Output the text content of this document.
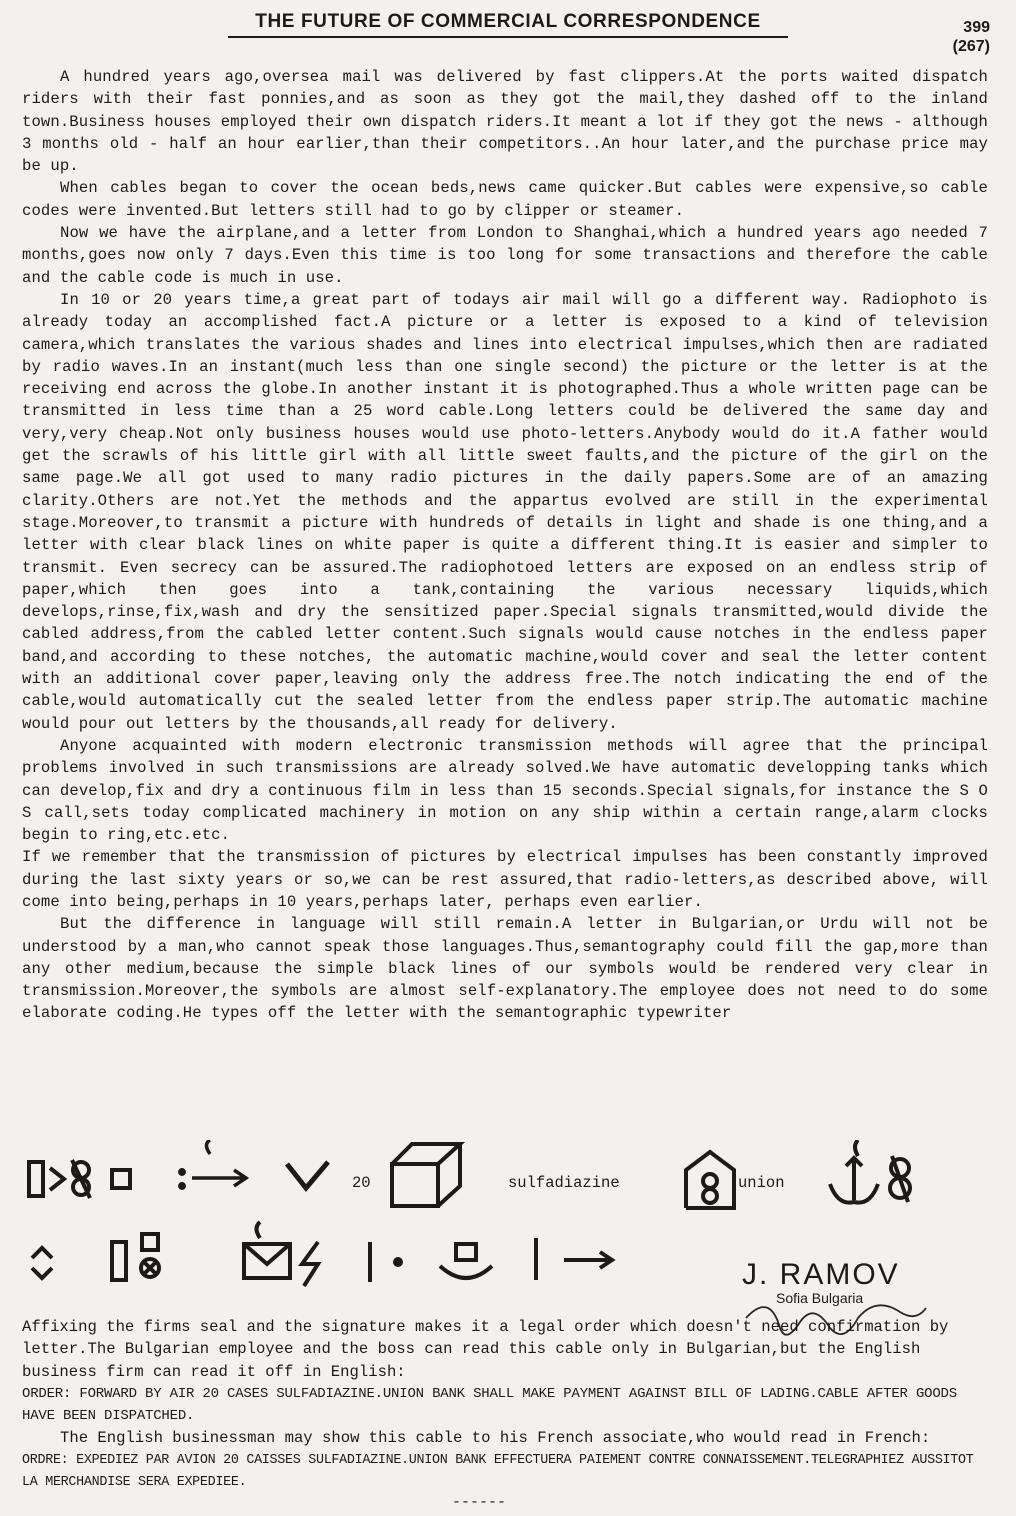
THE FUTURE OF COMMERCIAL CORRESPONDENCE	399
(267)

A hundred years ago,oversea mail was delivered by fast clippers.At the ports waited dispatch riders with their fast ponnies,and as soon as they got the mail,they dashed off to the inland town.Business houses employed their own dispatch riders.It meant a lot if they got the news - although 3 months old - half an hour earlier,than their competitors..An hour later,and the purchase price may be up.

When cables began to cover the ocean beds,news came quicker.But cables were expensive,so cable codes were invented.But letters still had to go by clipper or steamer.

Now we have the airplane,and a letter from London to Shanghai,which a hundred years ago needed 7 months,goes now only 7 days.Even this time is too long for some transactions and therefore the cable and the cable code is much in use.

In 10 or 20 years time,a great part of todays air mail will go a different way. Radiophoto is already today an accomplished fact.A picture or a letter is exposed to a kind of television camera,which translates the various shades and lines into electrical impulses,which then are radiated by radio waves.In an instant(much less than one single second) the picture or the letter is at the receiving end across the globe.In another instant it is photographed.Thus a whole written page can be transmitted in less time than a 25 word cable.Long letters could be delivered the same day and very,very cheap.Not only business houses would use photo-letters.Anybody would do it.A father would get the scrawls of his little girl with all little sweet faults,and the picture of the girl on the same page.We all got used to many radio pictures in the daily papers.Some are of an amazing clarity.Others are not.Yet the methods and the appartus evolved are still in the experimental stage.Moreover,to transmit a picture with hundreds of details in light and shade is one thing,and a letter with clear black lines on white paper is quite a different thing.It is easier and simpler to transmit. Even secrecy can be assured.The radiophotoed letters are exposed on an endless strip of paper,which then goes into a tank,containing the various necessary liquids,which develops,rinse,fix,wash and dry the sensitized paper.Special signals transmitted,would divide the cabled address,from the cabled letter content.Such signals would cause notches in the endless paper band,and according to these notches, the automatic machine,would cover and seal the letter content with an additional cover paper,leaving only the address free.The notch indicating the end of the cable,would automatically cut the sealed letter from the endless paper strip.The automatic machine would pour out letters by the thousands,all ready for delivery.

Anyone acquainted with modern electronic transmission methods will agree that the principal problems involved in such transmissions are already solved.We have automatic developping tanks which can develop,fix and dry a continuous film in less than 15 seconds.Special signals,for instance the S O S call,sets today complicated machinery in motion on any ship within a certain range,alarm clocks begin to ring,etc.etc.

If we remember that the transmission of pictures by electrical impulses has been constantly improved during the last sixty years or so,we can be rest assured,that radio-letters,as described above, will come into being,perhaps in 10 years,perhaps later, perhaps even earlier.

But the difference in language will still remain.A letter in Bulgarian,or Urdu will not be understood by a man,who cannot speak those languages.Thus,semantography could fill the gap,more than any other medium,because the simple black lines of our symbols would be rendered very clear in transmission.Moreover,the symbols are almost self-explanatory.The employee does not need to do some elaborate coding.He types off the letter with the semantographic typewriter

20	sulfadiazine	union
J. RAMOV
Sofia Bulgaria

Affixing the firms seal and the signature makes it a legal order which doesn't need confirmation by letter.The Bulgarian employee and the boss can read this cable only in Bulgarian,but the English business firm can read it off in English:

ORDER: FORWARD BY AIR 20 CASES SULFADIAZINE.UNION BANK SHALL MAKE PAYMENT AGAINST BILL OF LADING.CABLE AFTER GOODS HAVE BEEN DISPATCHED.

The English businessman may show this cable to his French associate,who would read in French:

ORDRE: EXPEDIEZ PAR AVION 20 CAISSES SULFADIAZINE.UNION BANK EFFECTUERA PAIEMENT CONTRE CONNAISSEMENT.TELEGRAPHIEZ AUSSITOT LA MERCHANDISE SERA EXPEDIEE.

------
